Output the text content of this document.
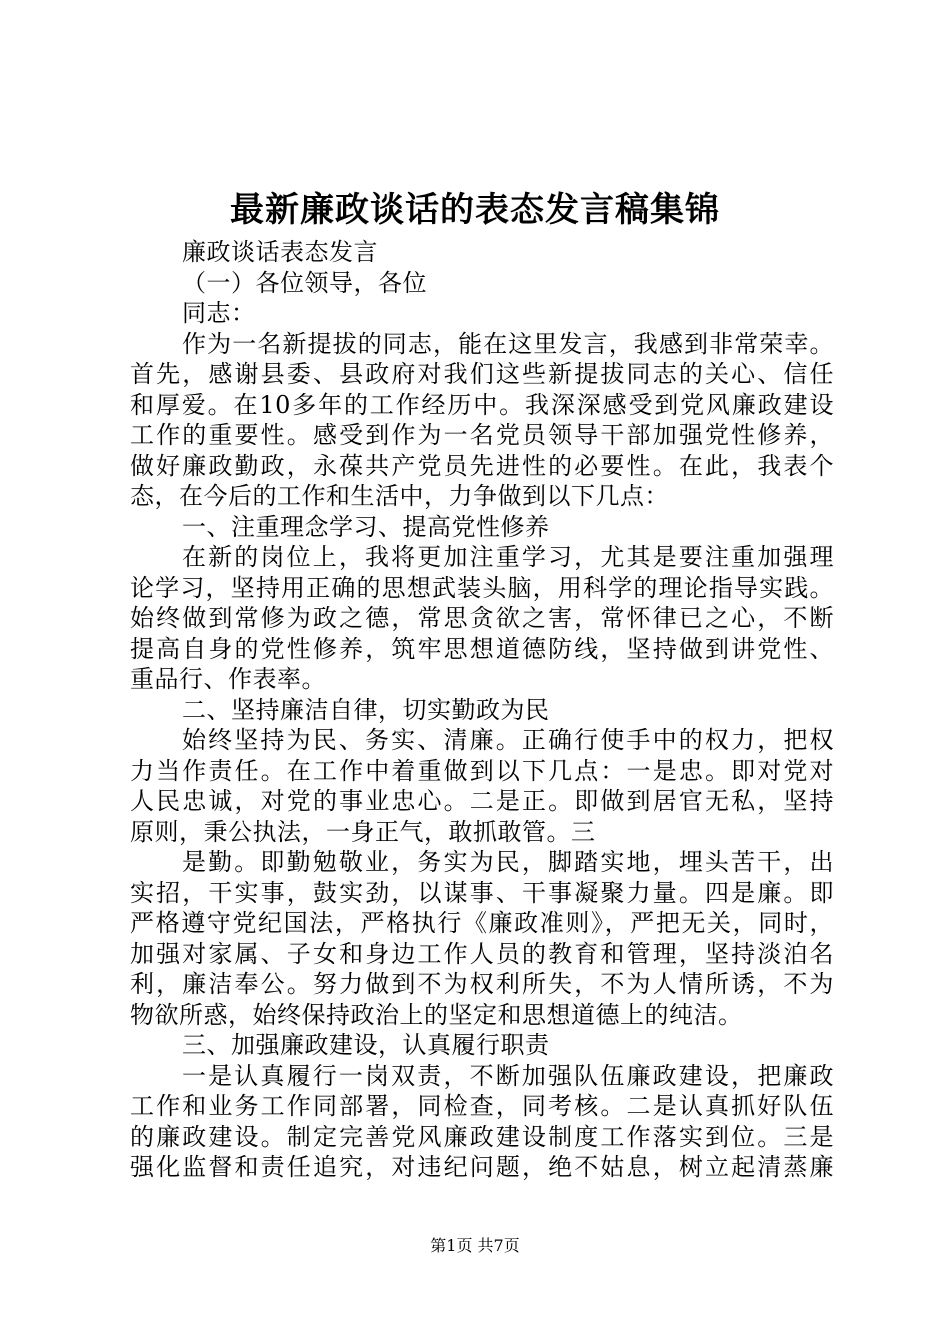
最新廉政谈话的表态发言稿集锦
廉政谈话表态发言
（一）各位领导，各位
同志：
作为一名新提拔的同志，能在这里发言，我感到非常荣幸。
首先，感谢县委、县政府对我们这些新提拔同志的关心、信任
和厚爱。在10多年的工作经历中。我深深感受到党风廉政建设
工作的重要性。感受到作为一名党员领导干部加强党性修养，
做好廉政勤政，永葆共产党员先进性的必要性。在此，我表个
态，在今后的工作和生活中，力争做到以下几点：
一、注重理念学习、提高党性修养
在新的岗位上，我将更加注重学习，尤其是要注重加强理
论学习，坚持用正确的思想武装头脑，用科学的理论指导实践。
始终做到常修为政之德，常思贪欲之害，常怀律已之心，不断
提高自身的党性修养，筑牢思想道德防线，坚持做到讲党性、
重品行、作表率。
二、坚持廉洁自律，切实勤政为民
始终坚持为民、务实、清廉。正确行使手中的权力，把权
力当作责任。在工作中着重做到以下几点：一是忠。即对党对
人民忠诚，对党的事业忠心。二是正。即做到居官无私，坚持
原则，秉公执法，一身正气，敢抓敢管。三
是勤。即勤勉敬业，务实为民，脚踏实地，埋头苦干，出
实招，干实事，鼓实劲，以谋事、干事凝聚力量。四是廉。即
严格遵守党纪国法，严格执行《廉政准则》，严把无关，同时，
加强对家属、子女和身边工作人员的教育和管理，坚持淡泊名
利，廉洁奉公。努力做到不为权利所失，不为人情所诱，不为
物欲所惑，始终保持政治上的坚定和思想道德上的纯洁。
三、加强廉政建设，认真履行职责
一是认真履行一岗双责，不断加强队伍廉政建设，把廉政
工作和业务工作同部署，同检查，同考核。二是认真抓好队伍
的廉政建设。制定完善党风廉政建设制度工作落实到位。三是
强化监督和责任追究，对违纪问题，绝不姑息，树立起清蒸廉
第1页 共7页
